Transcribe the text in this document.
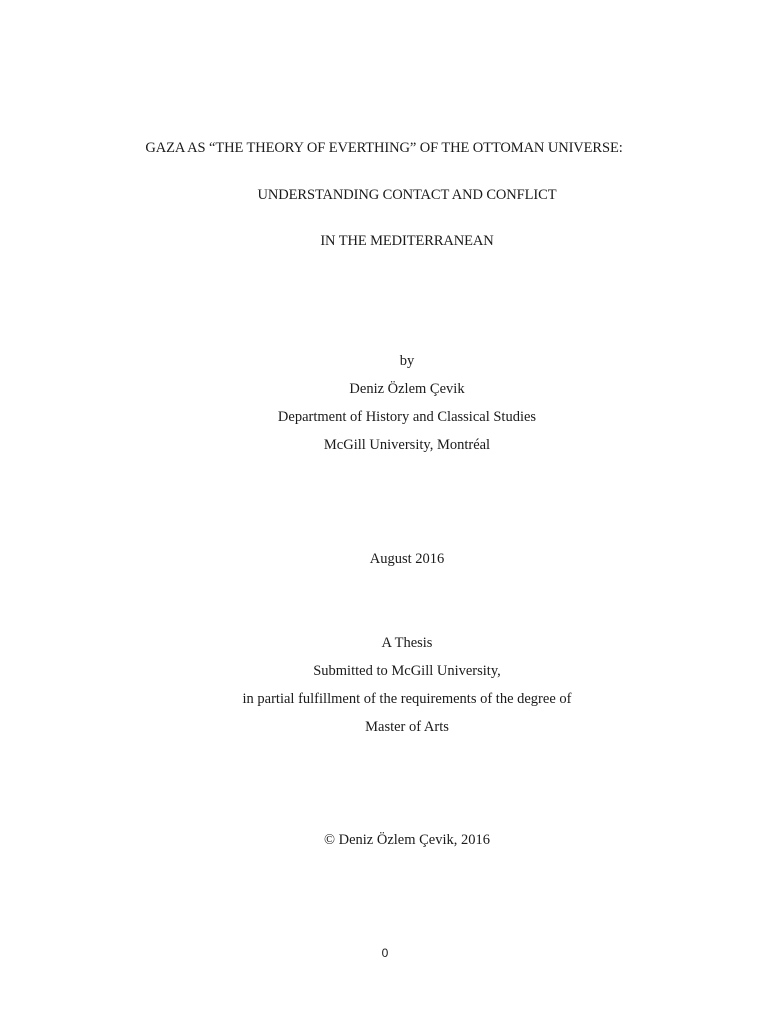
GAZA AS “THE THEORY OF EVERTHING” OF THE OTTOMAN UNIVERSE:
UNDERSTANDING CONTACT AND CONFLICT
IN THE MEDITERRANEAN
by
Deniz Özlem Çevik
Department of History and Classical Studies
McGill University, Montréal
August 2016
A Thesis
Submitted to McGill University,
in partial fulfillment of the requirements of the degree of
Master of Arts
© Deniz Özlem Çevik, 2016
0
